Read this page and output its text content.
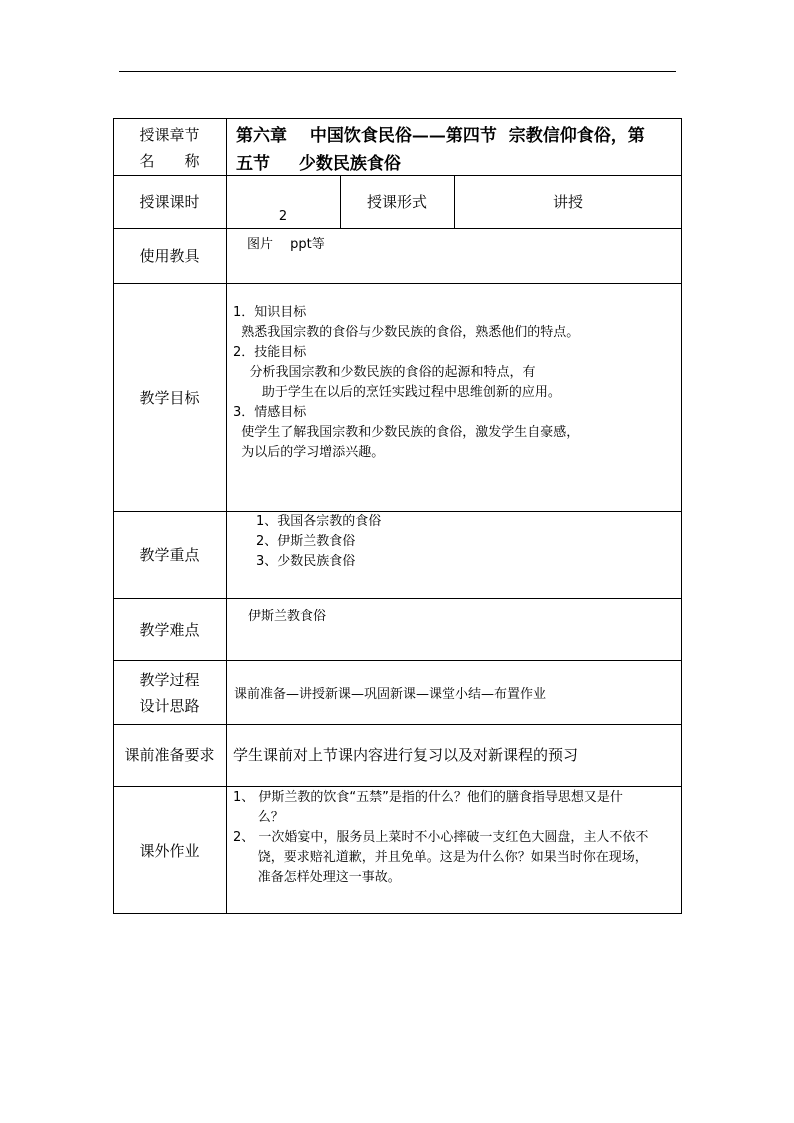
授课章节
名　　称
第六章　 中国饮食民俗——第四节  宗教信仰食俗，第
五节　  少数民族食俗
授课课时
2
授课形式	讲授
使用教具
图片　 ppt等
教学目标
1．知识目标
熟悉我国宗教的食俗与少数民族的食俗，熟悉他们的特点。
2．技能目标
分析我国宗教和少数民族的食俗的起源和特点，有
助于学生在以后的烹饪实践过程中思维创新的应用。
3．情感目标
使学生了解我国宗教和少数民族的食俗，激发学生自豪感，
为以后的学习增添兴趣。
教学重点
1、我国各宗教的食俗
2、伊斯兰教食俗
3、少数民族食俗
教学难点
伊斯兰教食俗
教学过程
设计思路
课前准备—讲授新课—巩固新课—课堂小结—布置作业
课前准备要求	学生课前对上节课内容进行复习以及对新课程的预习
课外作业
1、 伊斯兰教的饮食“五禁”是指的什么？他们的膳食指导思想又是什
么？
2、 一次婚宴中，服务员上菜时不小心摔破一支红色大圆盘，主人不依不
饶，要求赔礼道歉，并且免单。这是为什么你？如果当时你在现场，
准备怎样处理这一事故。
